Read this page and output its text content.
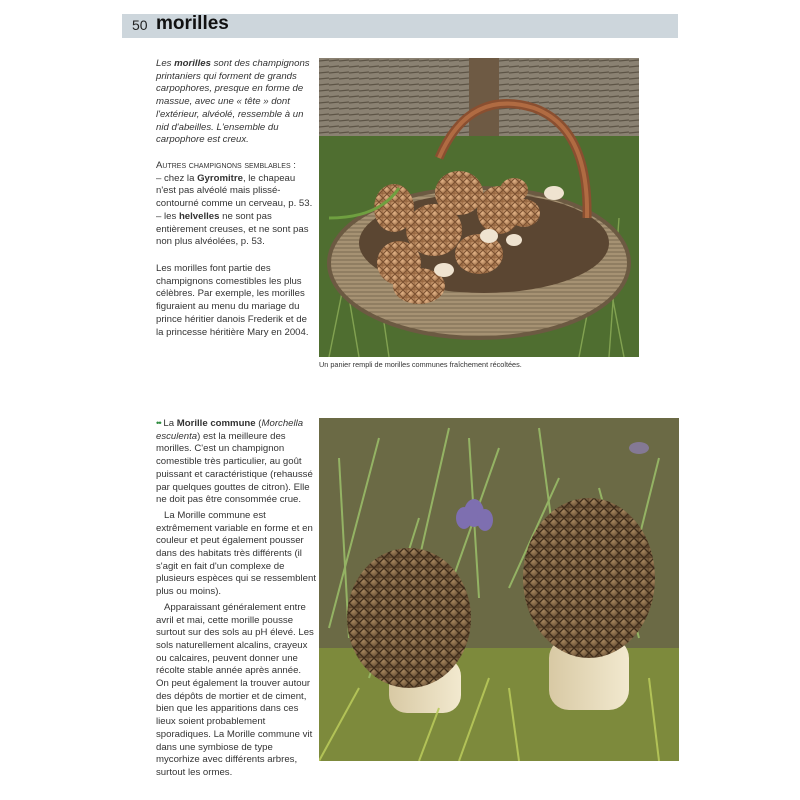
50 morilles

Les morilles sont des champignons printaniers qui forment de grands carpophores, presque en forme de massue, avec une « tête » dont l'extérieur, alvéolé, ressemble à un nid d'abeilles. L'ensemble du carpophore est creux.

Autres champignons semblables :

– chez la Gyromitre, le chapeau n'est pas alvéolé mais plissé-contourné comme un cerveau, p. 53.

– les helvelles ne sont pas entièrement creuses, et ne sont pas non plus alvéolées, p. 53.

Les morilles font partie des champignons comestibles les plus célèbres. Par exemple, les morilles figuraient au menu du mariage du prince héritier danois Frederik et de la princesse héritière Mary en 2004.

Un panier rempli de morilles communes fraîchement récoltées.

•• La Morille commune (Morchella esculenta) est la meilleure des morilles. C'est un champignon comestible très particulier, au goût puissant et caractéristique (rehaussé par quelques gouttes de citron). Elle ne doit pas être consommée crue.

La Morille commune est extrêmement variable en forme et en couleur et peut également pousser dans des habitats très différents (il s'agit en fait d'un complexe de plusieurs espèces qui se ressemblent plus ou moins).

Apparaissant généralement entre avril et mai, cette morille pousse surtout sur des sols au pH élevé. Les sols naturellement alcalins, crayeux ou calcaires, peuvent donner une récolte stable année après année. On peut également la trouver autour des dépôts de mortier et de ciment, bien que les apparitions dans ces lieux soient probablement sporadiques. La Morille commune vit dans une symbiose de type mycorhize avec différents arbres, surtout les ormes.
